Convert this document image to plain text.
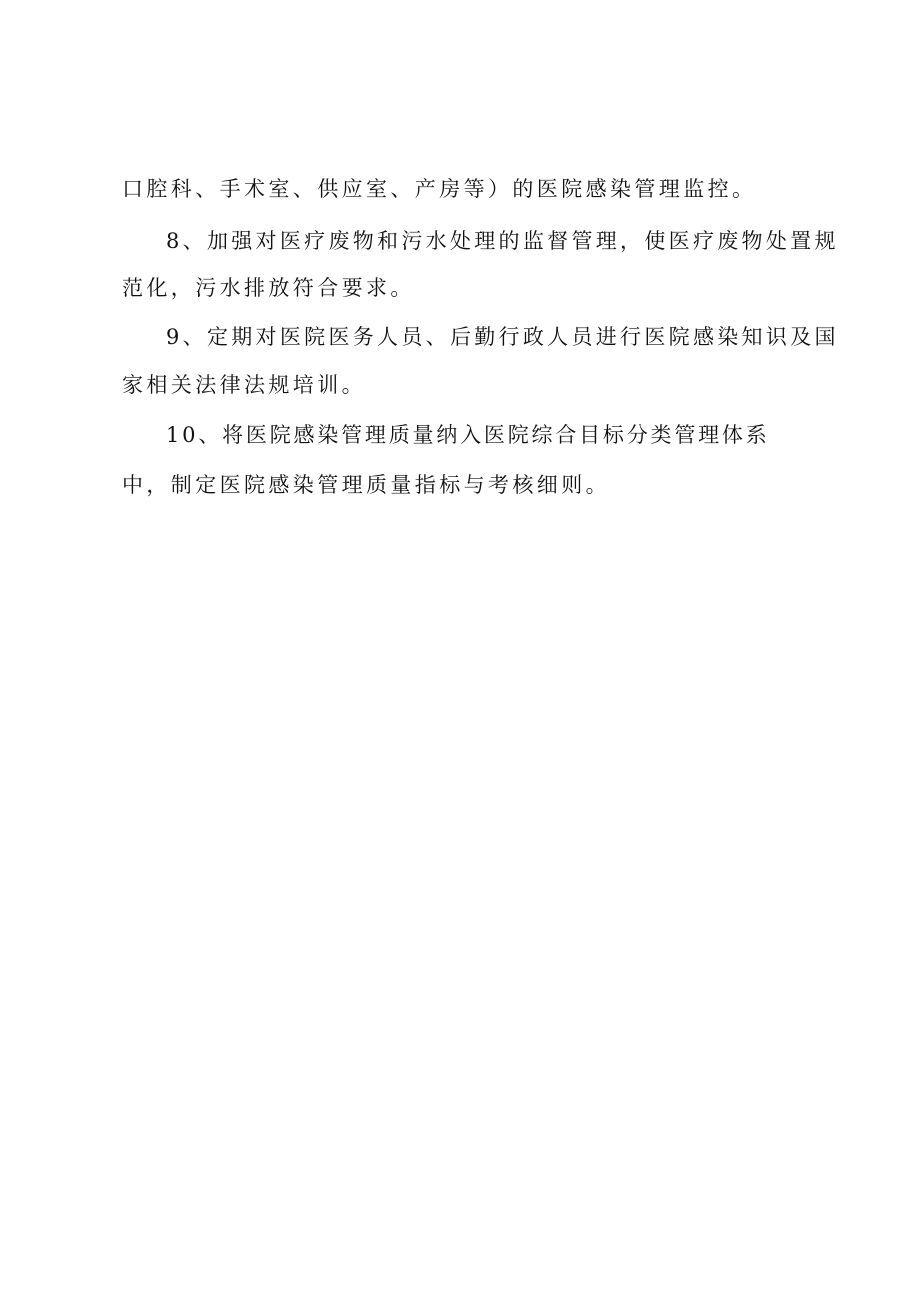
口腔科、手术室、供应室、产房等）的医院感染管理监控。
8、加强对医疗废物和污水处理的监督管理，使医疗废物处置规
范化，污水排放符合要求。
9、定期对医院医务人员、后勤行政人员进行医院感染知识及国
家相关法律法规培训。
10、将医院感染管理质量纳入医院综合目标分类管理体系
中，制定医院感染管理质量指标与考核细则。
